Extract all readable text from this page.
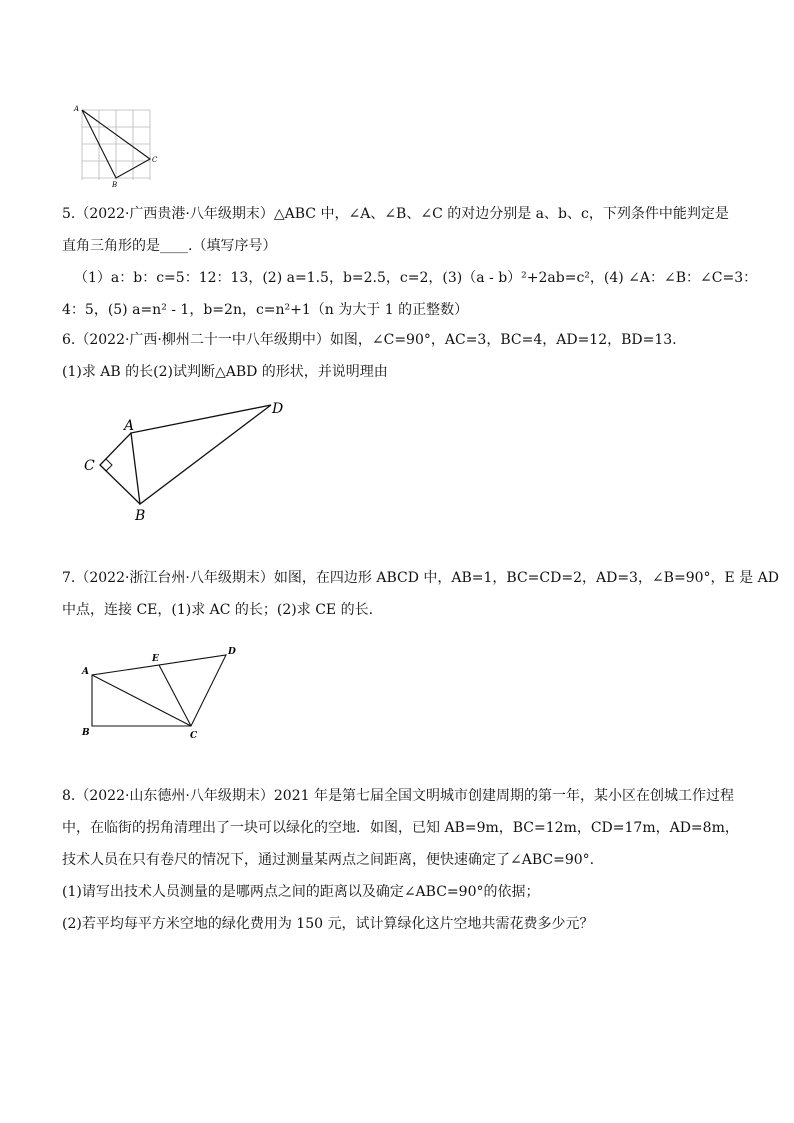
A
B
C
5.（2022·广西贵港·八年级期末）△ABC 中，∠A、∠B、∠C 的对边分别是 a、b、c，下列条件中能判定是
直角三角形的是____.（填写序号）
（1）a：b：c=5：12：13，(2) a=1.5，b=2.5，c=2，(3)（a - b）²+2ab=c²，(4) ∠A：∠B：∠C=3：
4：5，(5) a=n² - 1，b=2n，c=n²+1（n 为大于 1 的正整数）
6.（2022·广西·柳州二十一中八年级期中）如图，∠C=90°，AC=3，BC=4，AD=12，BD=13.
(1)求 AB 的长(2)试判断△ABD 的形状，并说明理由
A
B
C
D
7.（2022·浙江台州·八年级期末）如图，在四边形 ABCD 中，AB=1，BC=CD=2，AD=3，∠B=90°，E 是 AD
中点，连接 CE，(1)求 AC 的长；(2)求 CE 的长.
A
B	C
D
E
8.（2022·山东德州·八年级期末）2021 年是第七届全国文明城市创建周期的第一年，某小区在创城工作过程
中，在临街的拐角清理出了一块可以绿化的空地．如图，已知 AB=9m，BC=12m，CD=17m，AD=8m，
技术人员在只有卷尺的情况下，通过测量某两点之间距离，便快速确定了∠ABC=90°.
(1)请写出技术人员测量的是哪两点之间的距离以及确定∠ABC=90°的依据；
(2)若平均每平方米空地的绿化费用为 150 元，试计算绿化这片空地共需花费多少元？
